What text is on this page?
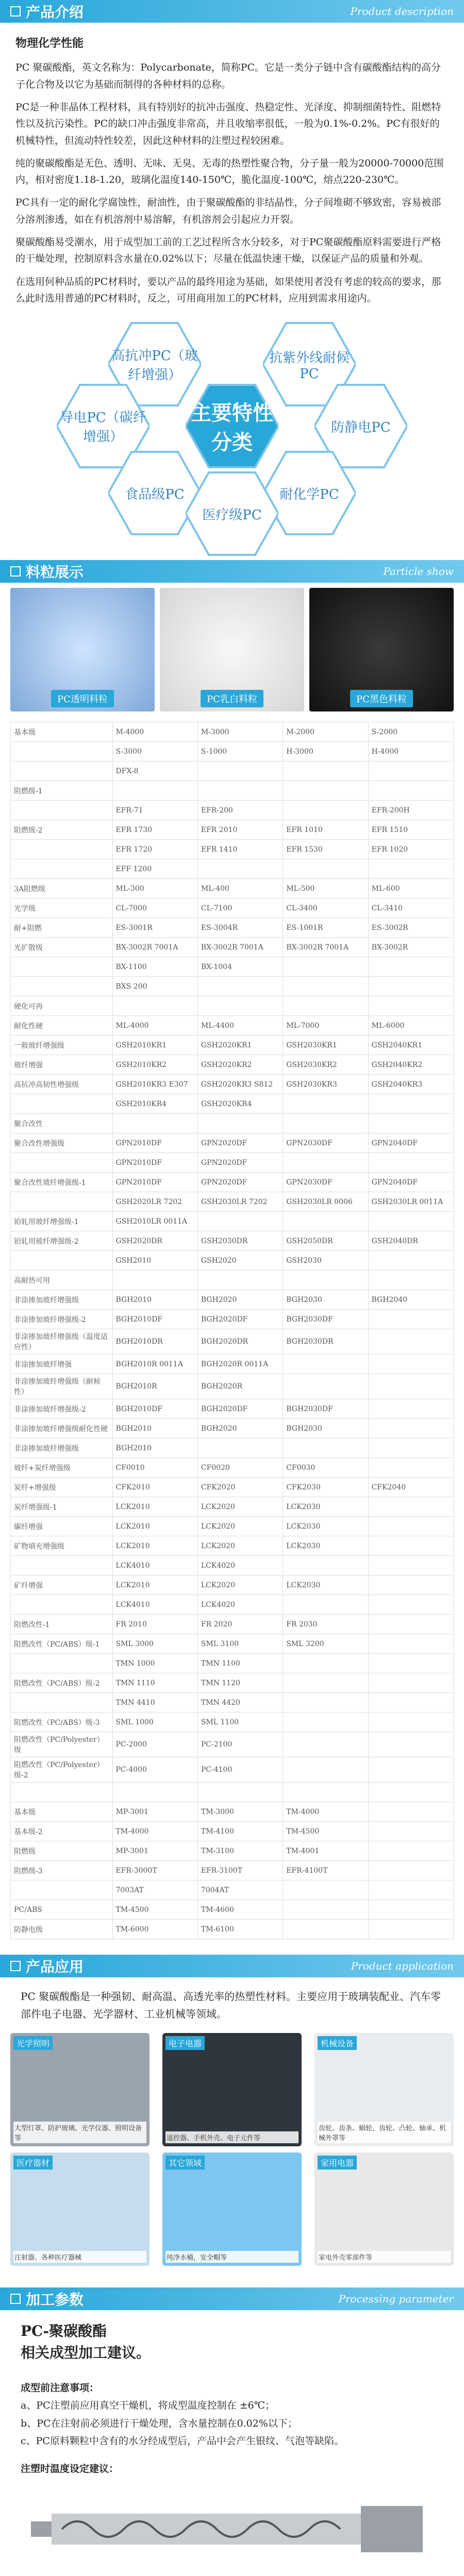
产品介绍	Product description
物理化学性能
PC 聚碳酸酯，英文名称为：Polycarbonate，简称PC。它是一类分子链中含有碳酸酯结构的高分子化合物及以它为基础而制得的各种材料的总称。
PC是一种非晶体工程材料，具有特别好的抗冲击强度、热稳定性、光泽度、抑制细菌特性、阻燃特性以及抗污染性。PC的缺口冲击强度非常高，并且收缩率很低，一般为0.1%-0.2%。PC有很好的机械特性，但流动特性较差，因此这种材料的注塑过程较困难。
纯的聚碳酸酯是无色、透明、无味、无臭、无毒的热塑性聚合物，分子量一般为20000-70000范围内，相对密度1.18-1.20，玻璃化温度140-150℃，脆化温度-100℃，熔点220-230℃。
PC具有一定的耐化学腐蚀性，耐油性，由于聚碳酸酯的非结晶性，分子间堆砌不够致密，容易被部分溶剂渗透，如在有机溶剂中易溶解，有机溶剂会引起应力开裂。
聚碳酸酯易受潮水，用于成型加工前的工艺过程所含水分较多，对于PC聚碳酸酯原料需要进行严格的干燥处理，控制原料含水量在0.02%以下；尽量在低温快速干燥，以保证产品的质量和外观。
在选用何种品质的PC材料时，要以产品的最终用途为基础，如果使用者没有考虑的较高的要求，那么此时选用普通的PC材料时，反之，可用商用加工的PC材料，应用到需求用途内。
主要特性分类
高抗冲PC（玻纤增强）
抗紫外线耐候PC
导电PC（碳纤增强）
防静电PC
食品级PC	耐化学PC
医疗级PC
料粒展示	Particle show
PC透明料粒	PC乳白料粒	PC黑色料粒
基本级	M-4000	M-3000	M-2000	S-2000
	S-3000	S-1000	H-3000	H-4000
	DFX-8			
阻燃级-1				
	EFR-71	EFR-200		EFR-200H
阻燃级-2	EFR 1730	EFR 2010	EFR 1010	EFR 1510
	EFR 1720	EFR 1410	EFR 1530	EFR 1020
	EFF 1200			
3A阻燃级	ML-300	ML-400	ML-500	ML-600
光学级	CL-7000	CL-7100	CL-3400	CL-3410
耐+阻燃	ES-3001R	ES-3004R	ES-1001R	ES-3002R
光扩散级	BX-3002R 7001A	BX-3002R 7001A	BX-3002R 7001A	BX-3002R
	BX-1100	BX-1004		
	BXS 200			
硬化可再				
耐化性硬	ML-4000	ML-4400	ML-7000	ML-6000
一般玻纤增强级	GSH2010KR1	GSH2020KR1	GSH2030KR1	GSH2040KR1
玻纤增强	GSH2010KR2	GSH2020KR2	GSH2030KR2	GSH2040KR2
高抗冲高韧性增强级	GSH2010KR3 E307	GSH2020KR3 S812	GSH2030KR3	GSH2040KR3
	GSH2010KR4	GSH2020KR4		
聚合改性				
聚合改性增强级	GPN2010DF	GPN2020DF	GPN2030DF	GPN2040DF
	GPN2010DF	GPN2020DF		
聚合改性玻纤增强级-1	GPN2010DF	GPN2020DF	GPN2030DF	GPN2040DF
	GSH2020LR 7202	GSH2030LR 7202	GSH2030LR 0006	GSH2030LR 0011A
铂轧用玻纤增强级-1	GSH2010LR 0011A			
铂轧用玻纤增强级-2	GSH2020DR	GSH2030DR	GSH2050DR	GSH2040DR
	GSH2010	GSH2020	GSH2030	
高耐热可用				
非涂掺加玻纤增强级	BGH2010	BGH2020	BGH2030	BGH2040
非涂掺加玻纤增强级-2	BGH2010DF	BGH2020DF	BGH2030DF	
非涂掺加玻纤增强级（温度适应性）	BGH2010DR	BGH2020DR	BGH2030DR	
非涂掺加玻纤增强	BGH2010R 0011A	BGH2020R 0011A		
非涂掺加玻纤增强级（耐候性）	BGH2010R	BGH2020R		
非涂掺加玻纤增强级-2	BGH2010DF	BGH2020DF	BGH2030DF	
非涂掺加玻纤增强级耐化性硬	BGH2010	BGH2020	BGH2030	
非涂掺加玻纤增强级	BGH2010			
玻纤+炭纤增强级	CF0010	CF0020	CF0030	
炭纤+增强级	CFK2010	CFK2020	CFK2030	CFK2040
炭纤增强级-1	LCK2010	LCK2020	LCK2030	
碳纤增强	LCK2010	LCK2020	LCK2030	
矿物填充增强级	LCK2010	LCK2020	LCK2030	
	LCK4010	LCK4020		
矿纤增强	LCK2010	LCK2020	LCK2030	
	LCK4010	LCK4020		
阻燃改性-1	FR 2010	FR 2020	FR 2030	
阻燃改性（PC/ABS）级-1	SML 3000	SML 3100	SML 3200	
	TMN 1000	TMN 1100		
阻燃改性（PC/ABS）级-2	TMN 1110	TMN 1120		
	TMN 4410	TMN 4420		
阻燃改性（PC/ABS）级-3	SML 1000	SML 1100		
阻燃改性（PC/Polyester）级	PC-2000	PC-2100		
阻燃改性（PC/Polyester）级-2	PC-4000	PC-4100		

基本级	MP-3001	TM-3000	TM-4000	
基本级-2	TM-4000	TM-4100	TM-4500	
阻燃级	MP-3001	TM-3100	TM-4001	
阻燃级-3	EFR-3000T	EFR-3100T	EFR-4100T	
	7003AT	7004AT		
PC/ABS	TM-4500	TM-4600		
防静电级	TM-6000	TM-6100		
产品应用	Product application
PC 聚碳酸酯是一种强韧、耐高温、高透光率的热塑性材料。主要应用于玻璃装配业、汽车零部件电子电器、光学器材、工业机械等领域。
光学照明
大型灯罩、防护玻璃、光学仪器、照明设备等
电子电器
遥控器、手机外壳、电子元件等
机械设备
齿轮、齿条、蜗轮、齿轮、凸轮、轴承、机械外罩等
医疗器材
注射器、各种医疗器械
其它领域
纯净水桶，安全帽等
家用电器
家电外壳零部件等
加工参数	Processing parameter
PC-聚碳酸酯
相关成型加工建议。
成型前注意事项：
a、PC注塑前应用真空干燥机，将成型温度控制在 ±6℃；
b、PC在注射前必须进行干燥处理，含水量控制在0.02%以下；
c、PC原料颗粒中含有的水分经成型后，产品中会产生银纹、气泡等缺陷。
注塑时温度设定建议：
